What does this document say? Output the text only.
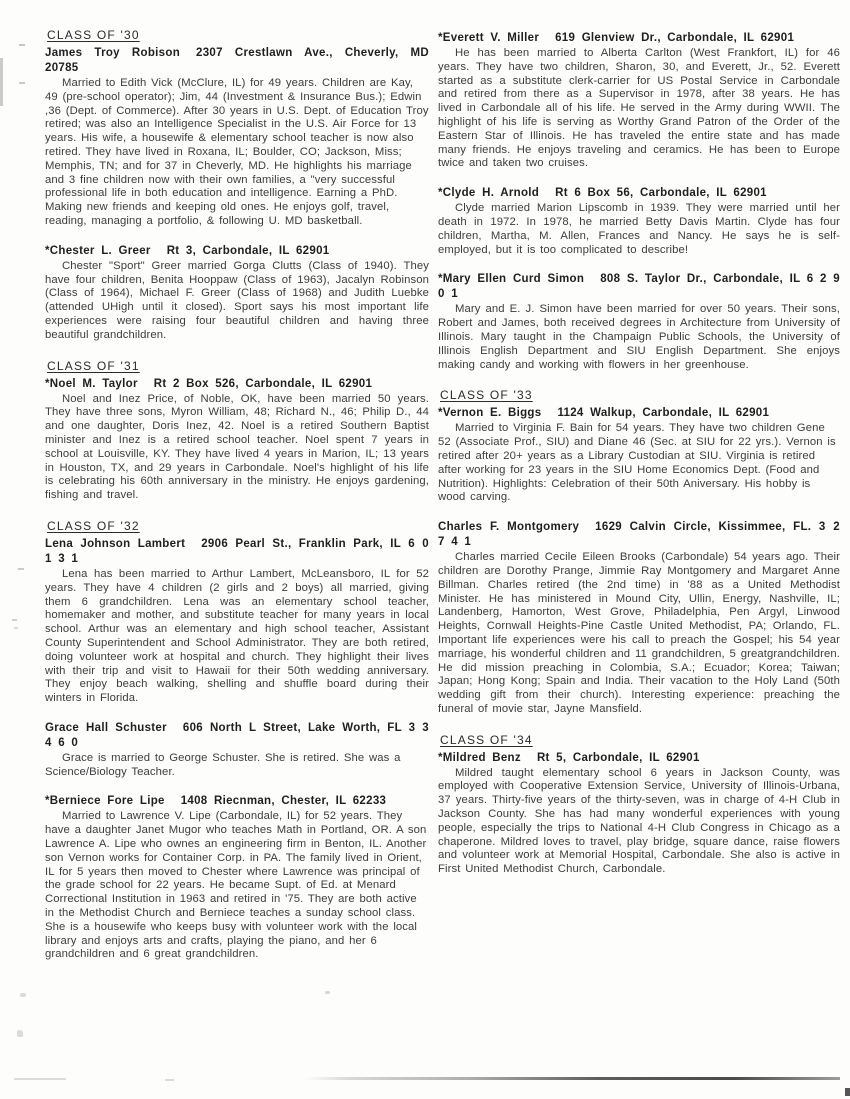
CLASS OF '30

James Troy Robison 2307 Crestlawn Ave., Cheverly, MD 20785

Married to Edith Vick (McClure, IL) for 49 years. Children are Kay, 49 (pre-school operator); Jim, 44 (Investment & Insurance Bus.); Edwin ,36 (Dept. of Commerce). After 30 years in U.S. Dept. of Education Troy retired; was also an Intelligence Specialist in the U.S. Air Force for 13 years. His wife, a housewife & elementary school teacher is now also retired. They have lived in Roxana, IL; Boulder, CO; Jackson, Miss; Memphis, TN; and for 37 in Cheverly, MD. He highlights his marriage and 3 fine children now with their own families, a "very successful professional life in both education and intelligence. Earning a PhD. Making new friends and keeping old ones. He enjoys golf, travel, reading, managing a portfolio, & following U. MD basketball.

*Chester L. Greer Rt 3, Carbondale, IL 62901

Chester "Sport" Greer married Gorga Clutts (Class of 1940). They have four children, Benita Hooppaw (Class of 1963), Jacalyn Robinson (Class of 1964), Michael F. Greer (Class of 1968) and Judith Luebke (attended UHigh until it closed). Sport says his most important life experiences were raising four beautiful children and having three beautiful grandchildren.

CLASS OF '31

*Noel M. Taylor Rt 2 Box 526, Carbondale, IL 62901

Noel and Inez Price, of Noble, OK, have been married 50 years. They have three sons, Myron William, 48; Richard N., 46; Philip D., 44 and one daughter, Doris Inez, 42. Noel is a retired Southern Baptist minister and Inez is a retired school teacher. Noel spent 7 years in school at Louisville, KY. They have lived 4 years in Marion, IL; 13 years in Houston, TX, and 29 years in Carbondale. Noel's highlight of his life is celebrating his 60th anniversary in the ministry. He enjoys gardening, fishing and travel.

CLASS OF '32

Lena Johnson Lambert 2906 Pearl St., Franklin Park, IL 6 0 1 3 1

Lena has been married to Arthur Lambert, McLeansboro, IL for 52 years. They have 4 children (2 girls and 2 boys) all married, giving them 6 grandchildren. Lena was an elementary school teacher, homemaker and mother, and substitute teacher for many years in local school. Arthur was an elementary and high school teacher, Assistant County Superintendent and School Administrator. They are both retired, doing volunteer work at hospital and church. They highlight their lives with their trip and visit to Hawaii for their 50th wedding anniversary. They enjoy beach walking, shelling and shuffle board during their winters in Florida.

Grace Hall Schuster 606 North L Street, Lake Worth, FL 3 3 4 6 0

Grace is married to George Schuster. She is retired. She was a Science/Biology Teacher.

*Berniece Fore Lipe 1408 Riecnman, Chester, IL 62233

Married to Lawrence V. Lipe (Carbondale, IL) for 52 years. They have a daughter Janet Mugor who teaches Math in Portland, OR. A son Lawrence A. Lipe who ownes an engineering firm in Benton, IL. Another son Vernon works for Container Corp. in PA. The family lived in Orient, IL for 5 years then moved to Chester where Lawrence was principal of the grade school for 22 years. He became Supt. of Ed. at Menard Correctional Institution in 1963 and retired in '75. They are both active in the Methodist Church and Berniece teaches a sunday school class. She is a housewife who keeps busy with volunteer work with the local library and enjoys arts and crafts, playing the piano, and her 6 grandchildren and 6 great grandchildren.

*Everett V. Miller 619 Glenview Dr., Carbondale, IL 62901

He has been married to Alberta Carlton (West Frankfort, IL) for 46 years. They have two children, Sharon, 30, and Everett, Jr., 52. Everett started as a substitute clerk-carrier for US Postal Service in Carbondale and retired from there as a Supervisor in 1978, after 38 years. He has lived in Carbondale all of his life. He served in the Army during WWII. The highlight of his life is serving as Worthy Grand Patron of the Order of the Eastern Star of Illinois. He has traveled the entire state and has made many friends. He enjoys traveling and ceramics. He has been to Europe twice and taken two cruises.

*Clyde H. Arnold Rt 6 Box 56, Carbondale, IL 62901

Clyde married Marion Lipscomb in 1939. They were married until her death in 1972. In 1978, he married Betty Davis Martin. Clyde has four children, Martha, M. Allen, Frances and Nancy. He says he is self-employed, but it is too complicated to describe!

*Mary Ellen Curd Simon 808 S. Taylor Dr., Carbondale, IL 6 2 9 0 1

Mary and E. J. Simon have been married for over 50 years. Their sons, Robert and James, both received degrees in Architecture from University of Illinois. Mary taught in the Champaign Public Schools, the University of Illinois English Department and SIU English Department. She enjoys making candy and working with flowers in her greenhouse.

CLASS OF '33

*Vernon E. Biggs 1124 Walkup, Carbondale, IL 62901

Married to Virginia F. Bain for 54 years. They have two children Gene 52 (Associate Prof., SIU) and Diane 46 (Sec. at SIU for 22 yrs.). Vernon is retired after 20+ years as a Library Custodian at SIU. Virginia is retired after working for 23 years in the SIU Home Economics Dept. (Food and Nutrition). Highlights: Celebration of their 50th Aniversary. His hobby is wood carving.

Charles F. Montgomery 1629 Calvin Circle, Kissimmee, FL. 3 2 7 4 1

Charles married Cecile Eileen Brooks (Carbondale) 54 years ago. Their children are Dorothy Prange, Jimmie Ray Montgomery and Margaret Anne Billman. Charles retired (the 2nd time) in '88 as a United Methodist Minister. He has ministered in Mound City, Ullin, Energy, Nashville, IL; Landenberg, Hamorton, West Grove, Philadelphia, Pen Argyl, Linwood Heights, Cornwall Heights-Pine Castle United Methodist, PA; Orlando, FL. Important life experiences were his call to preach the Gospel; his 54 year marriage, his wonderful children and 11 grandchildren, 5 greatgrandchildren. He did mission preaching in Colombia, S.A.; Ecuador; Korea; Taiwan; Japan; Hong Kong; Spain and India. Their vacation to the Holy Land (50th wedding gift from their church). Interesting experience: preaching the funeral of movie star, Jayne Mansfield.

CLASS OF '34

*Mildred Benz Rt 5, Carbondale, IL 62901

Mildred taught elementary school 6 years in Jackson County, was employed with Cooperative Extension Service, University of Illinois-Urbana, 37 years. Thirty-five years of the thirty-seven, was in charge of 4-H Club in Jackson County. She has had many wonderful experiences with young people, especially the trips to National 4-H Club Congress in Chicago as a chaperone. Mildred loves to travel, play bridge, square dance, raise flowers and volunteer work at Memorial Hospital, Carbondale. She also is active in First United Methodist Church, Carbondale.
